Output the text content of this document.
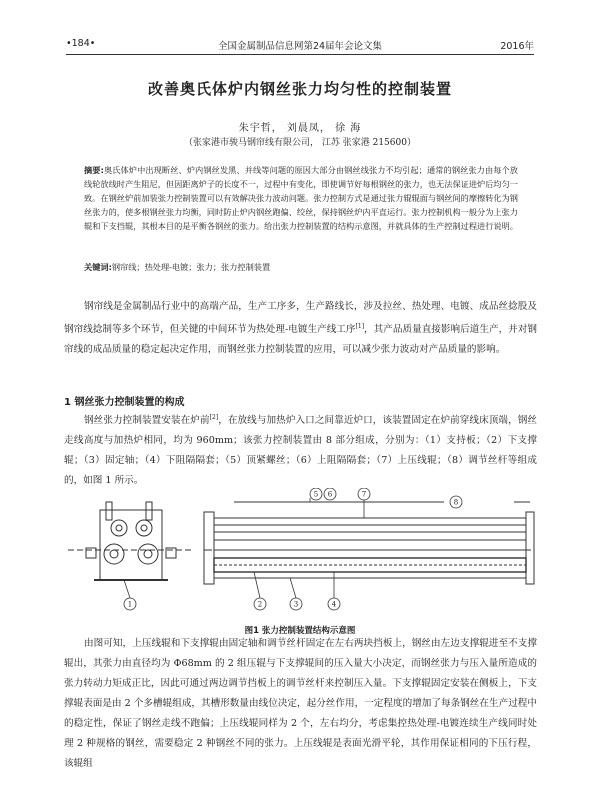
•184•	全国金属制品信息网第24届年会论文集	2016年
改善奥氏体炉内钢丝张力均匀性的控制装置
朱宇哲， 刘晨凤， 徐 海
（张家港市骏马钢帘线有限公司， 江苏 张家港 215600）
摘要:奥氏体炉中出现断丝、炉内钢丝发黑、并线等问题的原因大部分由钢丝线张力不均引起；通常的钢丝张力由每个放线轮放线时产生阻尼，但因距离炉子的长度不一，过程中有变化，即使调节好每根钢丝的张力，也无法保证进炉后均匀一致。在钢丝炉前加装张力控制装置可以有效解决张力波动问题。张力控制方式是通过张力辊辊面与钢丝间的摩擦转化为钢丝张力的，使多根钢丝张力均衡，同时防止炉内钢丝跑偏、绞丝，保持钢丝炉内平直运行。张力控制机构一般分为上张力辊和下支挡辊，其根本目的是平衡各钢丝的张力。给出张力控制装置的结构示意图，并就具体的生产控制过程进行说明。
关键词:钢帘线；热处理-电镀；张力；张力控制装置
钢帘线是金属制品行业中的高端产品，生产工序多，生产路线长，涉及拉丝、热处理、电镀、成品丝捻股及钢帘线捻制等多个环节，但关键的中间环节为热处理-电镀生产线工序[1]，其产品质量直接影响后道生产，并对钢帘线的成品质量的稳定起决定作用，而钢丝张力控制装置的应用，可以减少张力波动对产品质量的影响。
1 钢丝张力控制装置的构成
钢丝张力控制装置安装在炉前[2]，在放线与加热炉入口之间靠近炉口，该装置固定在炉前穿线床顶端，钢丝走线高度与加热炉相同，均为 960mm；该张力控制装置由 8 部分组成，分别为：（1）支持板；（2）下支撑辊；（3）固定轴；（4）下阻隔隔套；（5）顶紧螺丝；（6）上阻隔隔套；（7）上压线辊；（8）调节丝杆等组成的，如图 1 所示。
1	2	3	4
5 6	7
8
图1 张力控制装置结构示意图
由图可知，上压线辊和下支撑辊由固定轴和调节丝杆固定在左右两块挡板上，钢丝由左边支撑辊进至不支撑辊出，其张力由直径均为 Φ68mm 的 2 组压辊与下支撑辊间的压入量大小决定，而钢丝张力与压入量所造成的张力转动力矩成正比，因此可通过两边调节挡板上的调节丝杆来控制压入量。下支撑辊固定安装在侧板上，下支撑辊表面是由 2 个多槽辊组成，其槽形数量由线位决定，起分丝作用，一定程度的增加了每条钢丝在生产过程中的稳定性，保证了钢丝走线不跑偏；上压线辊同样为 2 个，左右均分，考虑集控热处理-电镀连续生产线同时处理 2 种规格的钢丝，需要稳定 2 种钢丝不同的张力。上压线辊是表面光滑平轮，其作用保证相同的下压行程，该辊组
